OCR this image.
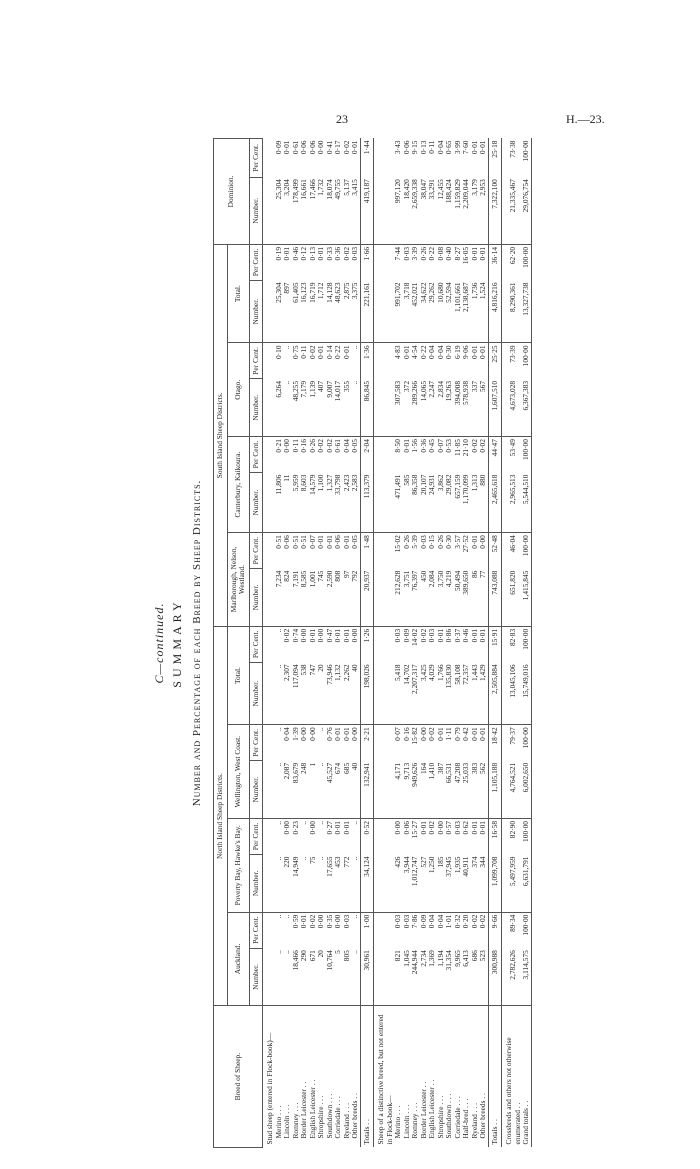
23	H.—23.
C—continued. SUMMARY Number and Percentage of each Breed by Sheep Districts.
Breed of Sheep.	North Island Sheep Districts.								South Island Sheep Districts.								Dominion.	
	Auckland.		Poverty Bay, Hawke's Bay.		Wellington, West Coast.		Total.		Marlborough, Nelson, Westland.		Canterbury, Kaikoura.		Otago.		Total.			
	Number.	Per Cent.	Number.	Per Cent.	Number.	Per Cent.	Number.	Per Cent.	Number.	Per Cent.	Number.	Per Cent.	Number.	Per Cent.	Number.	Per Cent.	Number.	Per Cent.
Stud sheep (entered in Flock-book)—																		
Merino . . .	..	..	..	..	..	..	..	..	7,234	0·51	11,806	0·21	6,264	0·10	25,304	0·19	25,304	0·09
Lincoln . . .	..	..	220	0·00	2,087	0·04	2,307	0·02	824	0·06	11	0·00	..	..	897	0·01	3,204	0·01
Romney . . .	18,466	0·59	14,949	0·23	83,679	1·39	117,094	0·74	7,191	0·51	5,959	0·11	48,255	0·75	61,405	0·46	178,499	0·61
Border Leicester . .	290	0·01	..	..	248	0·00	538	0·00	8,585	0·51	8,603	0·16	7,179	0·11	16,123	0·12	16,661	0·06
English Leicester . .	671	0·02	75	0·00	1	0·00	747	0·01	1,001	0·07	14,579	0·26	1,139	0·02	16,719	0·13	17,466	0·06
Shropshire . . .	20	0·00	..	..	..	..	20	0·00	745	0·01	1,100	0·02	407	0·01	1,712	0·01	1,732	0·00
Southdown . . .	10,764	0·35	17,655	0·27	45,527	0·76	73,946	0·47	2,590	0·01	1,327	0·02	9,007	0·14	14,128	0·33	18,074	0·41
Corriedale . . .	5	0·00	453	0·01	674	0·01	1,132	0·01	808	0·06	33,798	0·61	14,017	0·22	48,623	0·36	49,755	0·17
Ryeland . . .	805	0·03	772	0·01	685	0·01	2,262	0·01	97	0·01	2,423	0·04	355	0·01	2,875	0·02	5,137	0·02
Other breeds . .	..	..	..	..	40	0·00	40	0·00	792	0·05	2,583	0·05	..	..	3,375	0·03	3,415	0·01
Totals . .	30,961	1·00	34,124	0·52	132,941	2·21	198,026	1·26	20,937	1·48	113,379	2·04	86,845	1·36	221,161	1·66	419,187	1·44
Sheep of a distinctive breed, but not entered in Flock-book—																		
Merino . . .	821	0·03	426	0·00	4,171	0·07	5,418	0·03	212,628	15·02	471,491	8·50	307,583	4·83	991,702	7·44	997,120	3·43
Lincoln . . .	1,045	0·03	3,944	0·06	9,713	0·16	14,702	0·09	3,751	0·26	585	0·01	372	0·01	3,718	0·03	18,420	0·06
Romney . . .	244,944	7·86	1,012,747	15·27	949,626	15·82	2,207,317	14·02	76,397	5·39	86,358	1·56	289,266	4·54	452,021	3·39	2,659,338	9·15
Border Leicester . .	2,734	0·09	527	0·01	164	0·00	3,425	0·02	450	0·03	20,107	0·36	14,065	0·22	34,622	0·26	38,047	0·13
English Leicester . .	1,369	0·04	1,250	0·02	1,410	0·02	4,029	0·03	2,084	0·15	24,931	0·45	2,247	0·04	29,262	0·22	33,291	0·11
Shropshire . . .	1,194	0·04	185	0·00	387	0·01	1,766	0·01	3,750	0·26	3,862	0·07	2,834	0·04	10,680	0·08	12,455	0·04
Southdown . . .	31,354	1·01	37,945	0·57	66,531	1·11	135,830	0·86	4,219	0·30	29,082	0·53	19,263	0·30	52,594	0·40	188,424	0·65
Corriedale . . .	9,965	0·32	1,935	0·03	47,208	0·79	58,108	0·37	50,494	3·57	657,159	11·85	394,008	6·19	1,101,661	8·27	1,159,829	3·99
Half-bred . . .	6,413	0·20	40,911	0·62	25,033	0·42	72,357	0·46	389,650	27·52	1,170,099	21·10	578,938	9·06	2,138,687	16·05	2,209,044	7·60
Ryeland . . .	686	0·02	374	0·01	383	0·01	1,443	0·01	86	0·01	1,313	0·02	337	0·01	1,736	0·01	3,179	0·01
Other breeds . .	523	0·02	344	0·01	562	0·01	1,429	0·01	77	0·00	880	0·02	567	0·01	1,524	0·01	2,953	0·01
Totals . .	300,988	9·66	1,099,708	16·58	1,105,188	18·42	2,505,884	15·91	743,088	52·48	2,465,618	44·47	1,607,510	25·25	4,816,216	36·14	7,322,100	25·18
Crossbreds and others not otherwise enumerated . .	2,782,626	89·34	5,497,959	82·90	4,764,521	79·37	13,045,106	82·83	651,820	46·04	2,965,513	53·49	4,673,028	73·39	8,290,361	62·20	21,335,467	73·38
Grand totals . .	3,114,575	100·00	6,631,791	100·00	6,002,650	100·00	15,749,016	100·00	1,415,845	100·00	5,544,510	100·00	6,367,383	100·00	13,327,738	100·00	29,076,754	100·00
